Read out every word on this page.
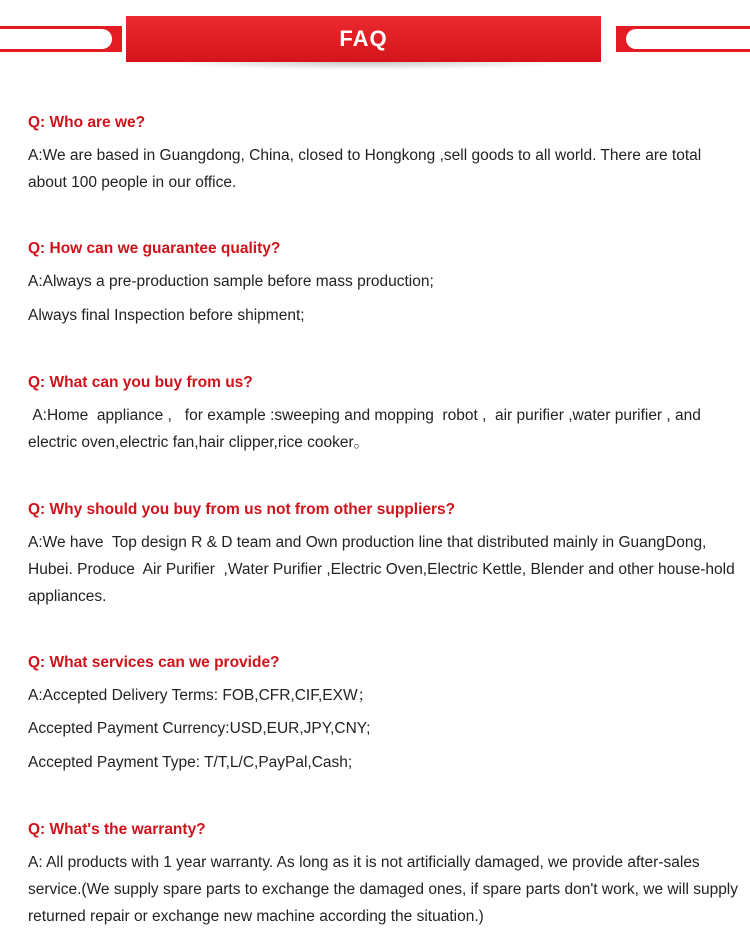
FAQ
Q: Who are we?
A:We are based in Guangdong, China, closed to Hongkong ,sell goods to all world. There are total about 100 people in our office.
Q: How can we guarantee quality?
A:Always a pre-production sample before mass production;
Always final Inspection before shipment;
Q: What can you buy from us?
A:Home  appliance ,   for example :sweeping and mopping  robot ,  air purifier ,water purifier , and electric oven,electric fan,hair clipper,rice cooker。
Q: Why should you buy from us not from other suppliers?
A:We have  Top design R & D team and Own production line that distributed mainly in GuangDong, Hubei. Produce  Air Purifier  ,Water Purifier ,Electric Oven,Electric Kettle, Blender and other house-hold appliances.
Q: What services can we provide?
A:Accepted Delivery Terms: FOB,CFR,CIF,EXW；
Accepted Payment Currency:USD,EUR,JPY,CNY;
Accepted Payment Type: T/T,L/C,PayPal,Cash;
Q: What's the warranty?
A: All products with 1 year warranty. As long as it is not artificially damaged, we provide after-sales service.(We supply spare parts to exchange the damaged ones, if spare parts don't work, we will supply returned repair or exchange new machine according the situation.)
